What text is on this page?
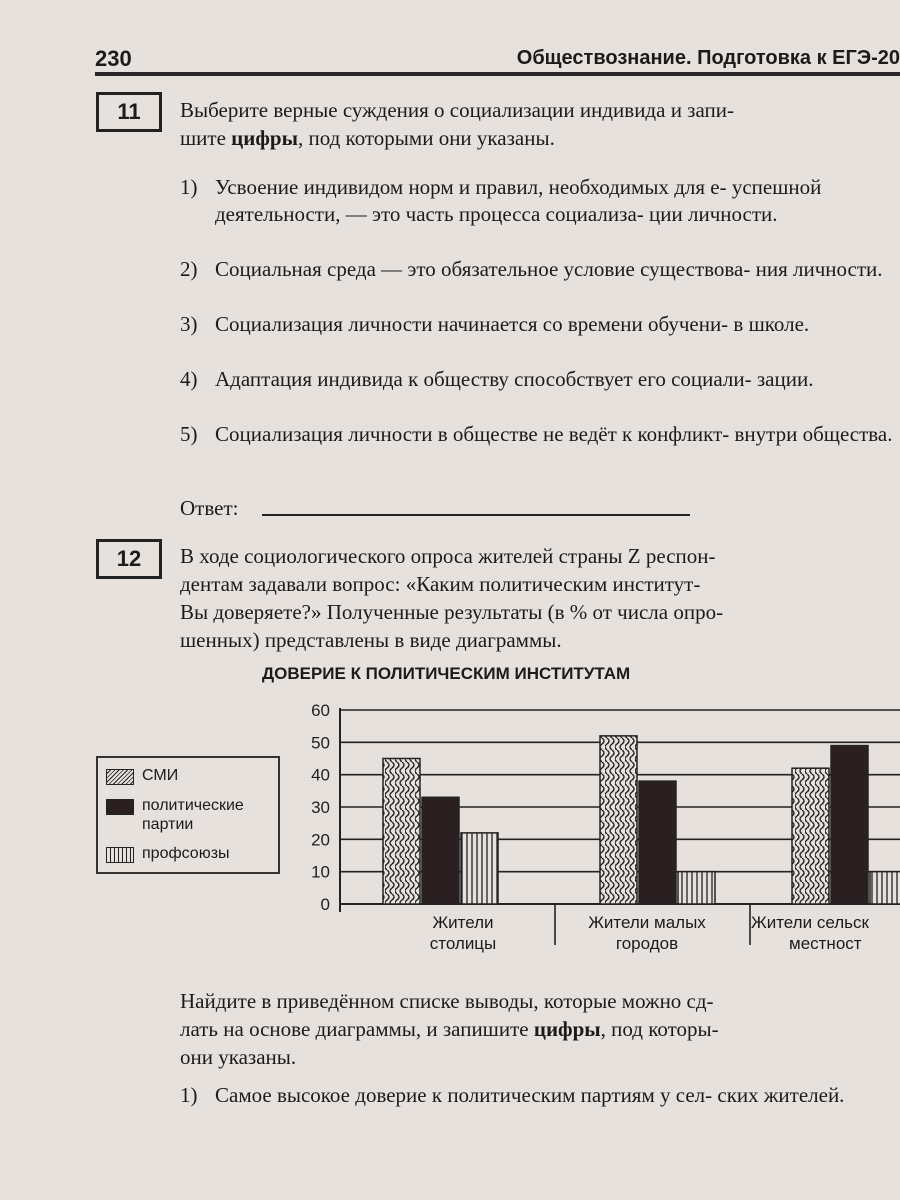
230	Обществознание. Подготовка к ЕГЭ-20
11 Выберите верные суждения о социализации индивида и запи-
шите цифры, под которыми они указаны.
1) Усвоение индивидом норм и правил, необходимых для е- успешной деятельности, — это часть процесса социализа- ции личности.
2) Социальная среда — это обязательное условие существова- ния личности.
3) Социализация личности начинается со времени обучени- в школе.
4) Адаптация индивида к обществу способствует его социали- зации.
5) Социализация личности в обществе не ведёт к конфликт- внутри общества.
Ответ:
12 В ходе социологического опроса жителей страны Z респон-
дентам задавали вопрос: «Каким политическим институт-
Вы доверяете?» Полученные результаты (в % от числа опро-
шенных) представлены в виде диаграммы.
ДОВЕРИЕ К ПОЛИТИЧЕСКИМ ИНСТИТУТАМ
0
10
20
30
40
50
60
СМИ
политические
партии
профсоюзы
Жители
столицы
Жители малых
городов
Жители сельск
местност
Найдите в приведённом списке выводы, которые можно сд-
лать на основе диаграммы, и запишите цифры, под которы-
они указаны.
1) Самое высокое доверие к политическим партиям у сел- ских жителей.
